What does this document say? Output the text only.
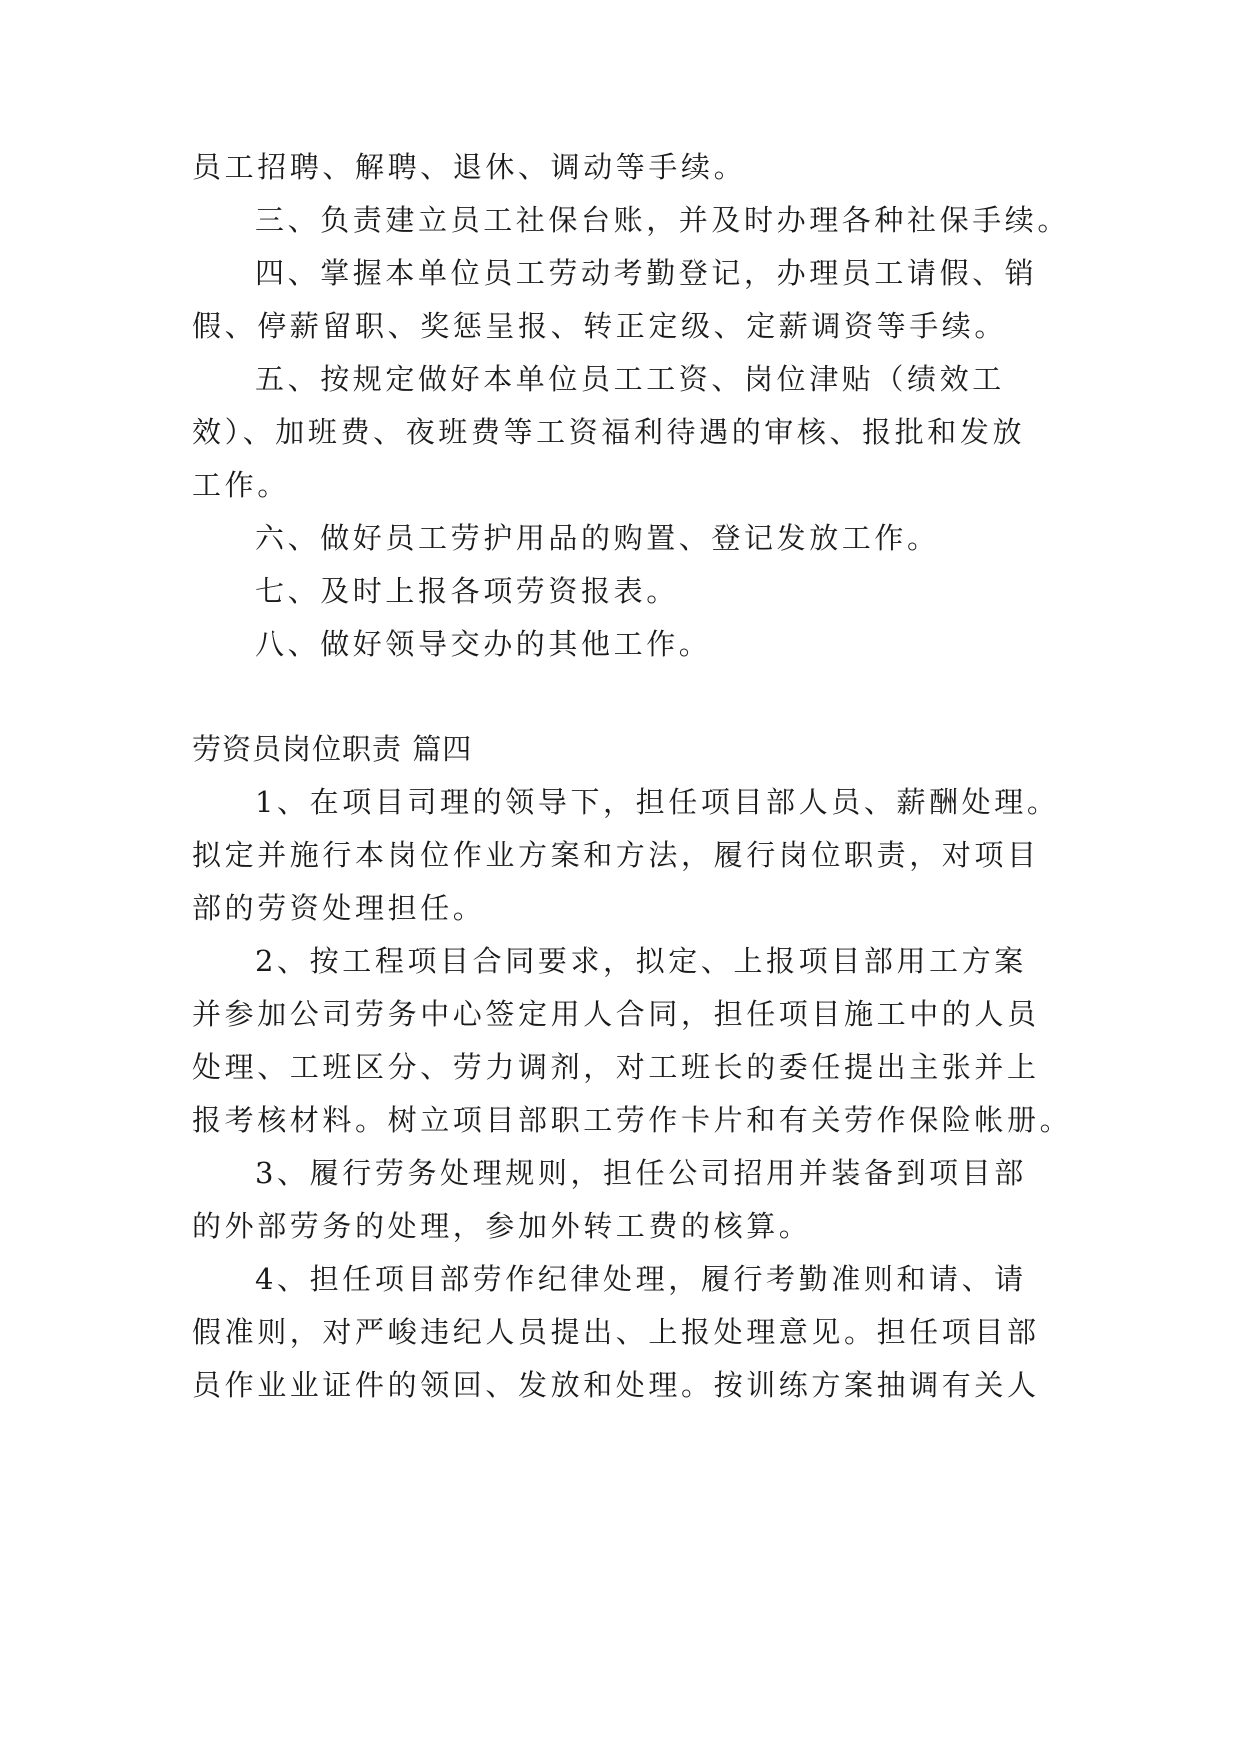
员工招聘、解聘、退休、调动等手续。
三、负责建立员工社保台账，并及时办理各种社保手续。
四、掌握本单位员工劳动考勤登记，办理员工请假、销
假、停薪留职、奖惩呈报、转正定级、定薪调资等手续。
五、按规定做好本单位员工工资、岗位津贴（绩效工
效）、加班费、夜班费等工资福利待遇的审核、报批和发放
工作。
六、做好员工劳护用品的购置、登记发放工作。
七、及时上报各项劳资报表。
八、做好领导交办的其他工作。
劳资员岗位职责 篇四
1、在项目司理的领导下，担任项目部人员、薪酬处理。
拟定并施行本岗位作业方案和方法，履行岗位职责，对项目
部的劳资处理担任。
2、按工程项目合同要求，拟定、上报项目部用工方案
并参加公司劳务中心签定用人合同，担任项目施工中的人员
处理、工班区分、劳力调剂，对工班长的委任提出主张并上
报考核材料。树立项目部职工劳作卡片和有关劳作保险帐册。
3、履行劳务处理规则，担任公司招用并装备到项目部
的外部劳务的处理，参加外转工费的核算。
4、担任项目部劳作纪律处理，履行考勤准则和请、请
假准则，对严峻违纪人员提出、上报处理意见。担任项目部
员作业业证件的领回、发放和处理。按训练方案抽调有关人
